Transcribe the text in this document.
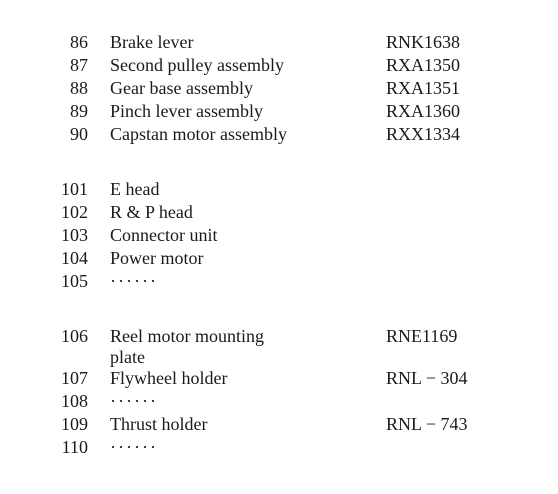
86 Brake lever	RNK1638
87 Second pulley assembly	RXA1350
88 Gear base assembly	RXA1351
89 Pinch lever assembly	RXA1360
90 Capstan motor assembly	RXX1334
101 E head
102 R & P head
103 Connector unit
104 Power motor
105 ······
106 Reel motor mounting	RNE1169
plate
107 Flywheel holder	RNL − 304
108 ······
109 Thrust holder	RNL − 743
110 ······
